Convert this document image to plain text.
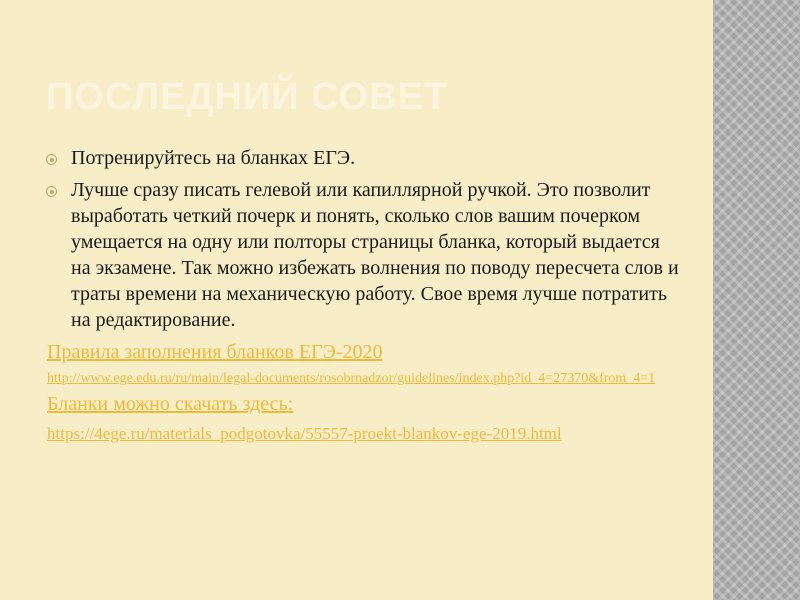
ПОСЛЕДНИЙ СОВЕТ
Потренируйтесь на бланках ЕГЭ.
Лучше сразу писать гелевой или капиллярной ручкой. Это позволит выработать четкий почерк и понять, сколько слов вашим почерком умещается на одну или полторы страницы бланка, который выдается на экзамене. Так можно избежать волнения по поводу пересчета слов и траты времени на механическую работу. Свое время лучше потратить на редактирование.
Правила заполнения бланков ЕГЭ-2020
http://www.ege.edu.ru/ru/main/legal-documents/rosobrnadzor/guidelines/index.php?id_4=27370&from_4=1
Бланки можно скачать здесь:
https://4ege.ru/materials_podgotovka/55557-proekt-blankov-ege-2019.html
